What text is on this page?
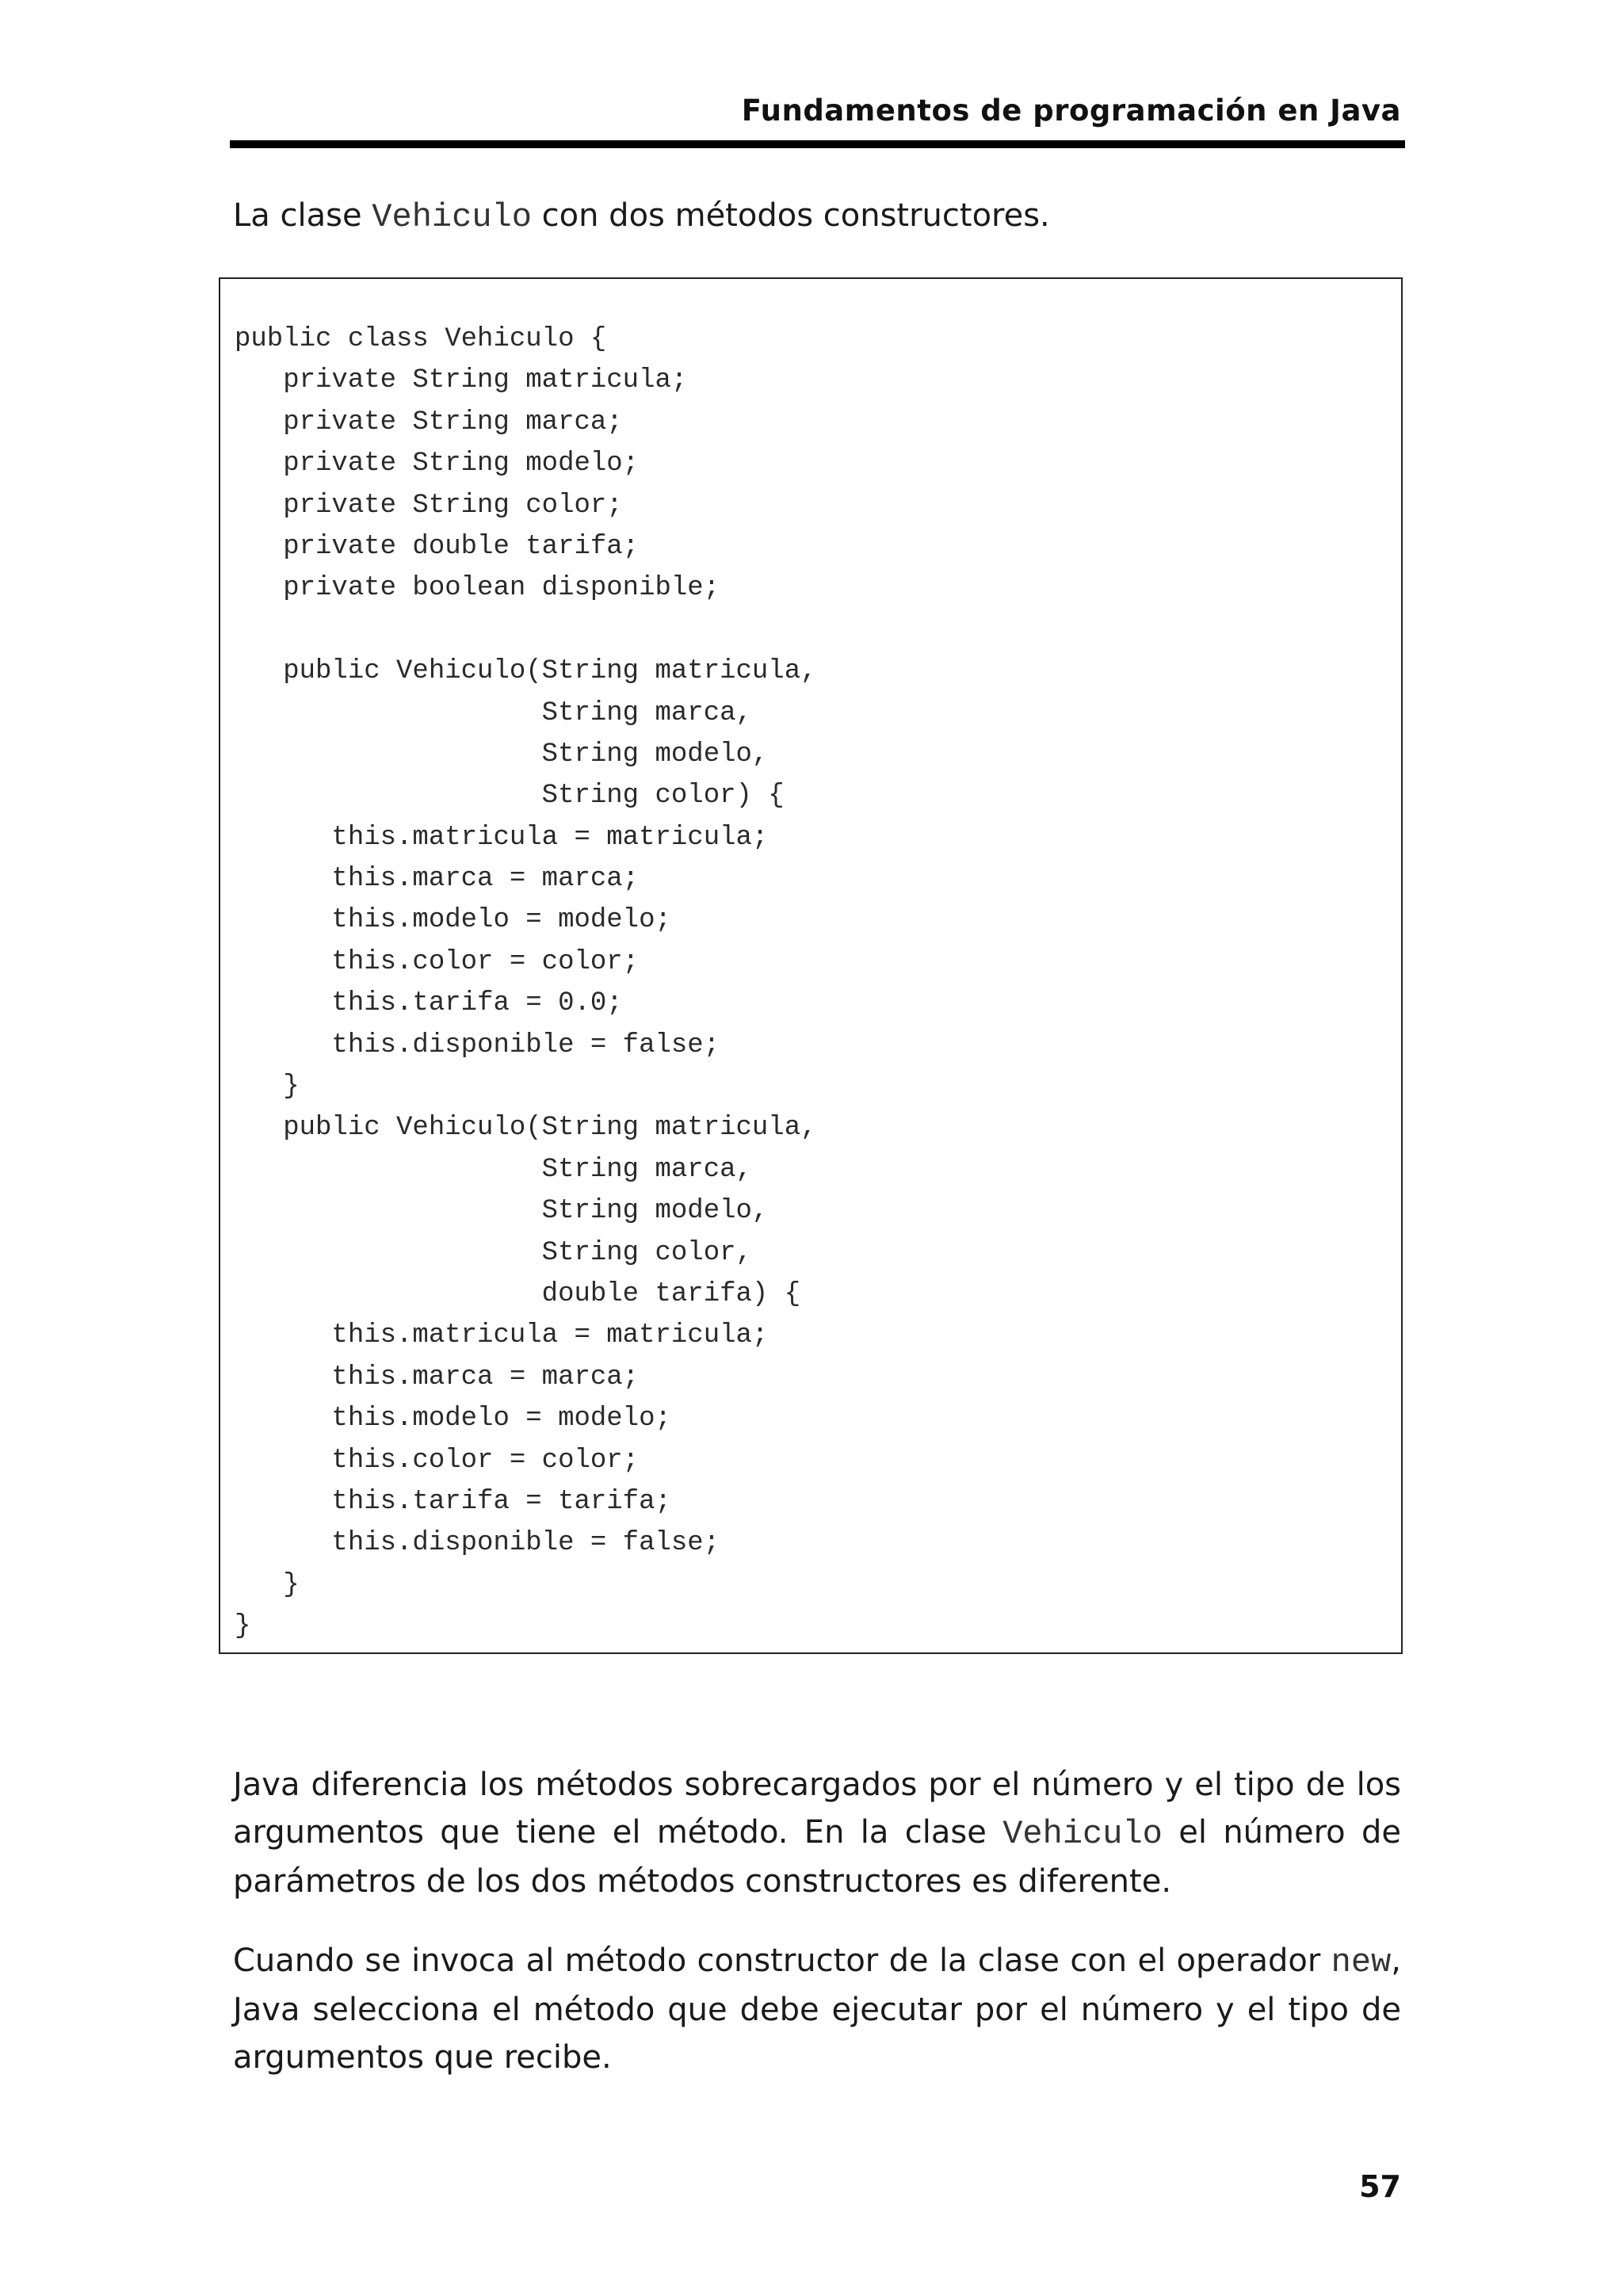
Fundamentos de programación en Java

La clase Vehiculo con dos métodos constructores.

public class Vehiculo {
private String matricula;
private String marca;
private String modelo;
private String color;
private double tarifa;
private boolean disponible;
public Vehiculo(String matricula,
String marca,
String modelo,
String color) {
this.matricula = matricula;
this.marca = marca;
this.modelo = modelo;
this.color = color;
this.tarifa = 0.0;
this.disponible = false;
}
public Vehiculo(String matricula,
String marca,
String modelo,
String color,
double tarifa) {
this.matricula = matricula;
this.marca = marca;
this.modelo = modelo;
this.color = color;
this.tarifa = tarifa;
this.disponible = false;
}
}

Java diferencia los métodos sobrecargados por el número y el tipo de los argumentos que tiene el método. En la clase Vehiculo el número de parámetros de los dos métodos constructores es diferente.

Cuando se invoca al método constructor de la clase con el operador new, Java selecciona el método que debe ejecutar por el número y el tipo de argumentos que recibe.

57
